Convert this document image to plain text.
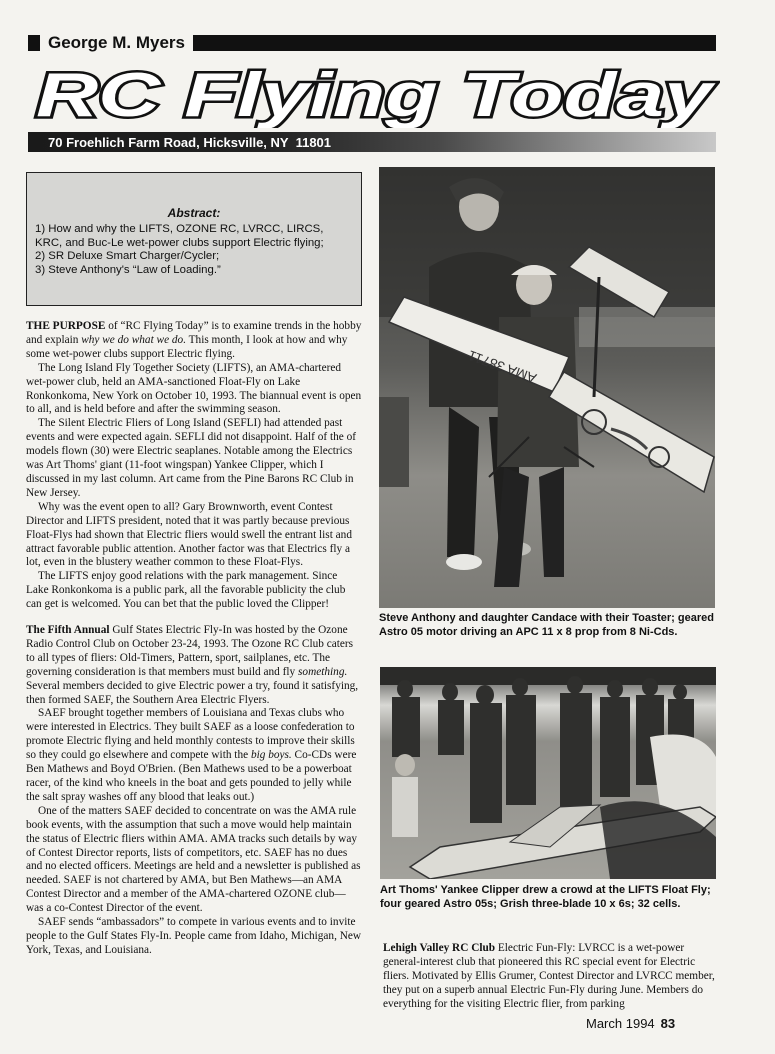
George M. Myers
RC Flying Today
70 Froehlich Farm Road, Hicksville, NY  11801
Abstract:
1) How and why the LIFTS, OZONE RC, LVRCC, LIRCS, KRC, and Buc-Le wet-power clubs support Electric flying;
2) SR Deluxe Smart Charger/Cycler;
3) Steve Anthony's “Law of Loading.”

THE PURPOSE of “RC Flying Today” is to examine trends in the hobby and explain why we do what we do. This month, I look at how and why some wet-power clubs support Electric flying.

The Long Island Fly Together Society (LIFTS), an AMA-chartered wet-power club, held an AMA-sanctioned Float-Fly on Lake Ronkonkoma, New York on October 10, 1993. The biannual event is open to all, and is held before and after the swimming season.

The Silent Electric Fliers of Long Island (SEFLI) had attended past events and were expected again. SEFLI did not disappoint. Half of the of models flown (30) were Electric seaplanes. Notable among the Electrics was Art Thoms' giant (11-foot wingspan) Yankee Clipper, which I discussed in my last column. Art came from the Pine Barons RC Club in New Jersey.

Why was the event open to all? Gary Brownworth, event Contest Director and LIFTS president, noted that it was partly because previous Float-Flys had shown that Electric fliers would swell the entrant list and attract favorable public attention. Another factor was that Electrics fly a lot, even in the blustery weather common to these Float-Flys.

The LIFTS enjoy good relations with the park management. Since Lake Ronkonkoma is a public park, all the favorable publicity the club can get is welcomed. You can bet that the public loved the Clipper!

The Fifth Annual Gulf States Electric Fly-In was hosted by the Ozone Radio Control Club on October 23-24, 1993. The Ozone RC Club caters to all types of fliers: Old-Timers, Pattern, sport, sailplanes, etc. The governing consideration is that members must build and fly something. Several members decided to give Electric power a try, found it satisfying, then formed SAEF, the Southern Area Electric Flyers.

SAEF brought together members of Louisiana and Texas clubs who were interested in Electrics. They built SAEF as a loose confederation to promote Electric flying and held monthly contests to improve their skills so they could go elsewhere and compete with the big boys. Co-CDs were Ben Mathews and Boyd O'Brien. (Ben Mathews used to be a powerboat racer, of the kind who kneels in the boat and gets pounded to jelly while the salt spray washes off any blood that leaks out.)

One of the matters SAEF decided to concentrate on was the AMA rule book events, with the assumption that such a move would help maintain the status of Electric fliers within AMA. AMA tracks such details by way of Contest Director reports, lists of competitors, etc. SAEF has no dues and no elected officers. Meetings are held and a newsletter is published as needed. SAEF is not chartered by AMA, but Ben Mathews—an AMA Contest Director and a member of the AMA-chartered OZONE club—was a co-Contest Director of the event.

SAEF sends “ambassadors” to compete in various events and to invite people to the Gulf States Fly-In. People came from Idaho, Michigan, New York, Texas, and Louisiana.

AMA 38711
Steve Anthony and daughter Candace with their Toaster; geared Astro 05 motor driving an APC 11 x 8 prop from 8 Ni-Cds.
Art Thoms' Yankee Clipper drew a crowd at the LIFTS Float Fly; four geared Astro 05s; Grish three-blade 10 x 6s; 32 cells.

Lehigh Valley RC Club Electric Fun-Fly: LVRCC is a wet-power general-interest club that pioneered this RC special event for Electric fliers. Motivated by Ellis Grumer, Contest Director and LVRCC member, they put on a superb annual Electric Fun-Fly during June. Members do everything for the visiting Electric flier, from parking

March 1994 83
